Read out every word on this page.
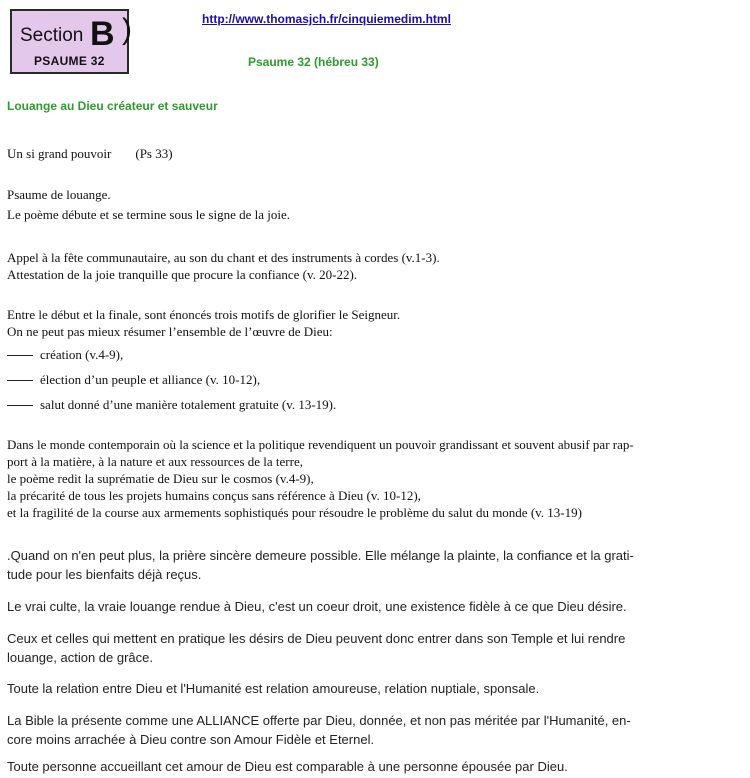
Section B )
PSAUME 32
http://www.thomasjch.fr/cinquiemedim.html
Psaume 32 (hébreu 33)
Louange au Dieu créateur et sauveur
Un si grand pouvoir (Ps 33)
Psaume de louange.
Le poème débute et se termine sous le signe de la joie.
Appel à la fête communautaire, au son du chant et des instruments à cordes (v.1-3).
Attestation de la joie tranquille que procure la confiance (v. 20-22).
Entre le début et la finale, sont énoncés trois motifs de glorifier le Seigneur.
On ne peut pas mieux résumer l’ensemble de l’œuvre de Dieu:
création (v.4-9),
élection d’un peuple et alliance (v. 10-12),
salut donné d’une manière totalement gratuite (v. 13-19).
Dans le monde contemporain où la science et la politique revendiquent un pouvoir grandissant et souvent abusif par rap-
port à la matière, à la nature et aux ressources de la terre,
le poème redit la suprématie de Dieu sur le cosmos (v.4-9),
la précarité de tous les projets humains conçus sans référence à Dieu (v. 10-12),
et la fragilité de la course aux armements sophistiqués pour résoudre le problème du salut du monde (v. 13-19)
.Quand on n'en peut plus, la prière sincère demeure possible. Elle mélange la plainte, la confiance et la grati-
tude pour les bienfaits déjà reçus.
Le vrai culte, la vraie louange rendue à Dieu, c'est un coeur droit, une existence fidèle à ce que Dieu désire.
Ceux et celles qui mettent en pratique les désirs de Dieu peuvent donc entrer dans son Temple et lui rendre
louange, action de grâce.
Toute la relation entre Dieu et l'Humanité est relation amoureuse, relation nuptiale, sponsale.
La Bible la présente comme une ALLIANCE offerte par Dieu, donnée, et non pas méritée par l'Humanité, en-
core moins arrachée à Dieu contre son Amour Fidèle et Eternel.
Toute personne accueillant cet amour de Dieu est comparable à une personne épousée par Dieu.
